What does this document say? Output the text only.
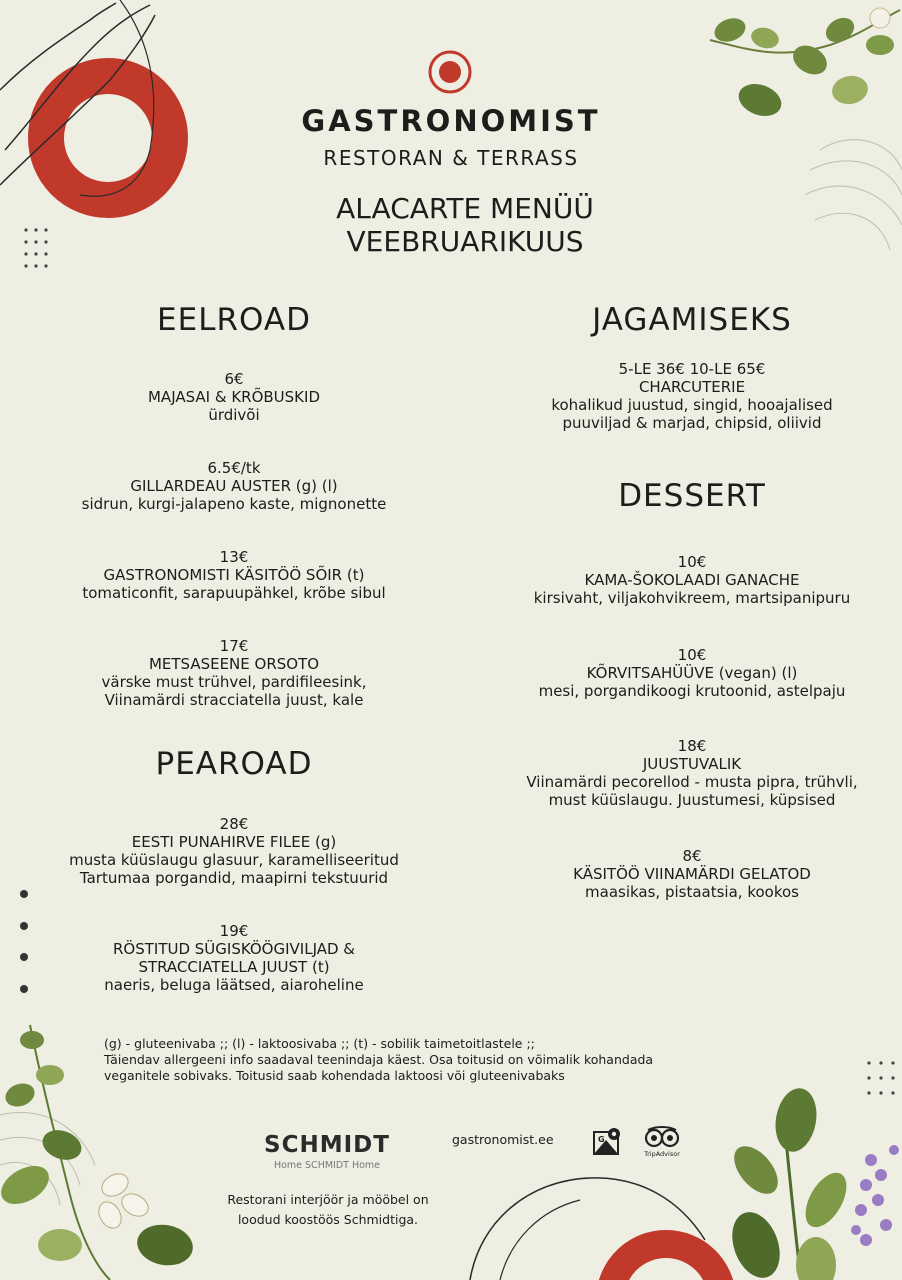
GASTRONOMIST
RESTORAN & TERRASS
ALACARTE MENÜÜ
VEEBRUARIKUUS
EELROAD
6€
MAJASAI & KRÕBUSKID
ürdivõi
6.5€/tk
GILLARDEAU AUSTER (g) (l)
sidrun, kurgi-jalapeno kaste, mignonette
13€
GASTRONOMISTI KÄSITÖÖ SÕIR (t)
tomaticonfit, sarapuupähkel, krõbe sibul
17€
METSASEENE ORSOTO
värske must trühvel, pardifileesink,
Viinamärdi stracciatella juust, kale
PEAROAD
28€
EESTI PUNAHIRVE FILEE (g)
musta küüslaugu glasuur, karamelliseeritud
Tartumaa porgandid, maapirni tekstuurid
19€
RÖSTITUD SÜGISKÖÖGIVILJAD &
STRACCIATELLA JUUST (t)
naeris, beluga läätsed, aiaroheline
JAGAMISEKS
5-LE 36€ 10-LE 65€
CHARCUTERIE
kohalikud juustud, singid, hooajalised
puuviljad & marjad, chipsid, oliivid
DESSERT
10€
KAMA-ŠOKOLAADI GANACHE
kirsivaht, viljakohvikreem, martsipanipuru
10€
KÕRVITSAHÜÜVE (vegan) (l)
mesi, porgandikoogi krutoonid, astelpaju
18€
JUUSTUVALIK
Viinamärdi pecorellod - musta pipra, trühvli,
must küüslaugu. Juustumesi, küpsised
8€
KÄSITÖÖ VIINAMÄRDI GELATOD
maasikas, pistaatsia, kookos
(g) - gluteenivaba ;; (l) - laktoosivaba ;; (t) - sobilik taimetoitlastele ;;
Täiendav allergeeni info saadaval teenindaja käest. Osa toitusid on võimalik kohandada
veganitele sobivaks. Toitusid saab kohendada laktoosi või gluteenivabaks
SCHMIDT
Home SCHMIDT Home
Restorani interjöör ja mööbel on
loodud koostöös Schmidtiga.
gastronomist.ee	G
TripAdvisor
